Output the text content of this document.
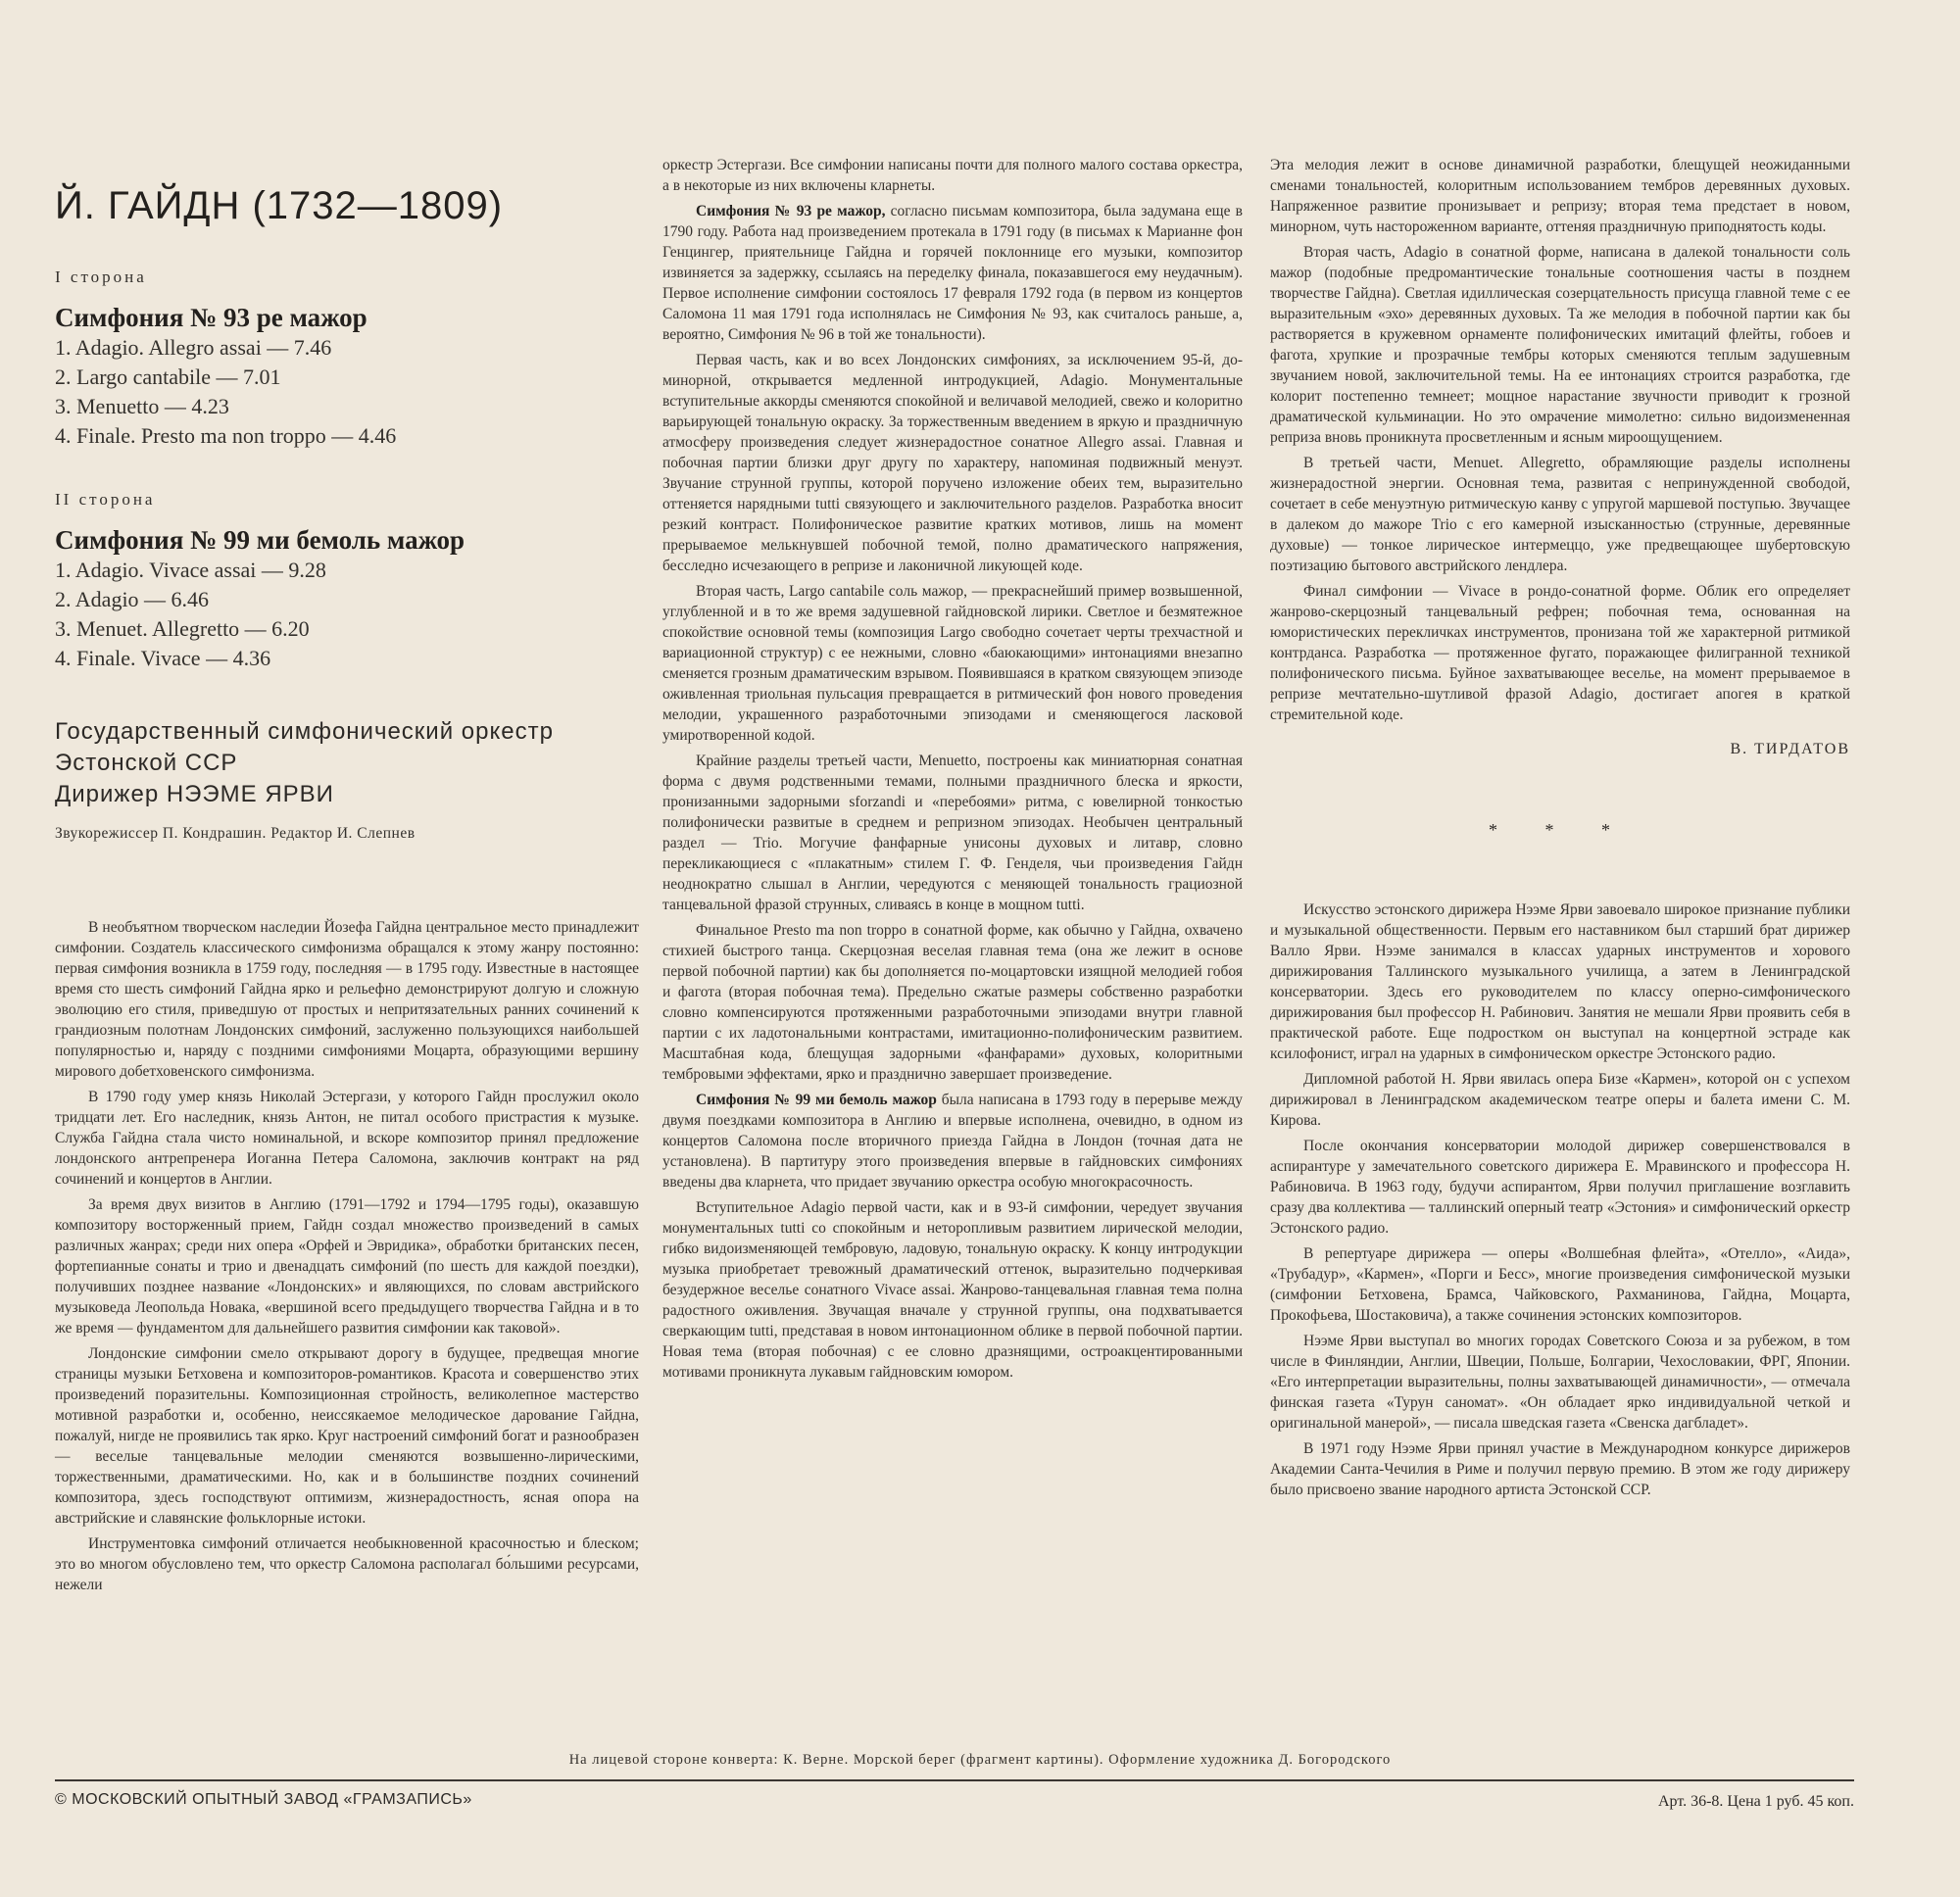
Й. ГАЙДН (1732—1809)
I сторона
Симфония № 93 ре мажор
1. Adagio. Allegro assai — 7.46
2. Largo cantabile — 7.01
3. Menuetto — 4.23
4. Finale. Presto ma non troppo — 4.46
II сторона
Симфония № 99 ми бемоль мажор
1. Adagio. Vivace assai — 9.28
2. Adagio — 6.46
3. Menuet. Allegretto — 6.20
4. Finale. Vivace — 4.36
Государственный симфонический оркестр
Эстонской ССР
Дирижер НЭЭМЕ ЯРВИ
Звукорежиссер П. Кондрашин. Редактор И. Слепнев

В необъятном творческом наследии Йозефа Гайдна центральное место принадлежит симфонии. Создатель классического симфонизма обращался к этому жанру постоянно: первая симфония возникла в 1759 году, последняя — в 1795 году. Известные в настоящее время сто шесть симфоний Гайдна ярко и рельефно демонстрируют долгую и сложную эволюцию его стиля, приведшую от простых и непритязательных ранних сочинений к грандиозным полотнам Лондонских симфоний, заслуженно пользующихся наибольшей популярностью и, наряду с поздними симфониями Моцарта, образующими вершину мирового добетховенского симфонизма.

В 1790 году умер князь Николай Эстергази, у которого Гайдн прослужил около тридцати лет. Его наследник, князь Антон, не питал особого пристрастия к музыке. Служба Гайдна стала чисто номинальной, и вскоре композитор принял предложение лондонского антрепренера Иоганна Петера Саломона, заключив контракт на ряд сочинений и концертов в Англии.

За время двух визитов в Англию (1791—1792 и 1794—1795 годы), оказавшую композитору восторженный прием, Гайдн создал множество произведений в самых различных жанрах; среди них опера «Орфей и Эвридика», обработки британских песен, фортепианные сонаты и трио и двенадцать симфоний (по шесть для каждой поездки), получивших позднее название «Лондонских» и являющихся, по словам австрийского музыковеда Леопольда Новака, «вершиной всего предыдущего творчества Гайдна и в то же время — фундаментом для дальнейшего развития симфонии как таковой».

Лондонские симфонии смело открывают дорогу в будущее, предвещая многие страницы музыки Бетховена и композиторов-романтиков. Красота и совершенство этих произведений поразительны. Композиционная стройность, великолепное мастерство мотивной разработки и, особенно, неиссякаемое мелодическое дарование Гайдна, пожалуй, нигде не проявились так ярко. Круг настроений симфоний богат и разнообразен — веселые танцевальные мелодии сменяются возвышенно-лирическими, торжественными, драматическими. Но, как и в большинстве поздних сочинений композитора, здесь господствуют оптимизм, жизнерадостность, ясная опора на австрийские и славянские фольклорные истоки.

Инструментовка симфоний отличается необыкновенной красочностью и блеском; это во многом обусловлено тем, что оркестр Саломона располагал бо́льшими ресурсами, нежели

оркестр Эстергази. Все симфонии написаны почти для полного малого состава оркестра, а в некоторые из них включены кларнеты.

Симфония № 93 ре мажор, согласно письмам композитора, была задумана еще в 1790 году. Работа над произведением протекала в 1791 году (в письмах к Марианне фон Генцингер, приятельнице Гайдна и горячей поклоннице его музыки, композитор извиняется за задержку, ссылаясь на переделку финала, показавшегося ему неудачным). Первое исполнение симфонии состоялось 17 февраля 1792 года (в первом из концертов Саломона 11 мая 1791 года исполнялась не Симфония № 93, как считалось раньше, а, вероятно, Симфония № 96 в той же тональности).

Первая часть, как и во всех Лондонских симфониях, за исключением 95-й, до-минорной, открывается медленной интродукцией, Adagio. Монументальные вступительные аккорды сменяются спокойной и величавой мелодией, свежо и колоритно варьирующей тональную окраску. За торжественным введением в яркую и праздничную атмосферу произведения следует жизнерадостное сонатное Allegro assai. Главная и побочная партии близки друг другу по характеру, напоминая подвижный менуэт. Звучание струнной группы, которой поручено изложение обеих тем, выразительно оттеняется нарядными tutti связующего и заключительного разделов. Разработка вносит резкий контраст. Полифоническое развитие кратких мотивов, лишь на момент прерываемое мелькнувшей побочной темой, полно драматического напряжения, бесследно исчезающего в репризе и лаконичной ликующей коде.

Вторая часть, Largo cantabile соль мажор, — прекраснейший пример возвышенной, углубленной и в то же время задушевной гайдновской лирики. Светлое и безмятежное спокойствие основной темы (композиция Largo свободно сочетает черты трехчастной и вариационной структур) с ее нежными, словно «баюкающими» интонациями внезапно сменяется грозным драматическим взрывом. Появившаяся в кратком связующем эпизоде оживленная триольная пульсация превращается в ритмический фон нового проведения мелодии, украшенного разработочными эпизодами и сменяющегося ласковой умиротворенной кодой.

Крайние разделы третьей части, Menuetto, построены как миниатюрная сонатная форма с двумя родственными темами, полными праздничного блеска и яркости, пронизанными задорными sforzandi и «перебоями» ритма, с ювелирной тонкостью полифонически развитые в среднем и репризном эпизодах. Необычен центральный раздел — Trio. Могучие фанфарные унисоны духовых и литавр, словно перекликающиеся с «плакатным» стилем Г. Ф. Генделя, чьи произведения Гайдн неоднократно слышал в Англии, чередуются с меняющей тональность грациозной танцевальной фразой струнных, сливаясь в конце в мощном tutti.

Финальное Presto ma non troppo в сонатной форме, как обычно у Гайдна, охвачено стихией быстрого танца. Скерцозная веселая главная тема (она же лежит в основе первой побочной партии) как бы дополняется по-моцартовски изящной мелодией гобоя и фагота (вторая побочная тема). Предельно сжатые размеры собственно разработки словно компенсируются протяженными разработочными эпизодами внутри главной партии с их ладотональными контрастами, имитационно-полифоническим развитием. Масштабная кода, блещущая задорными «фанфарами» духовых, колоритными тембровыми эффектами, ярко и празднично завершает произведение.

Симфония № 99 ми бемоль мажор была написана в 1793 году в перерыве между двумя поездками композитора в Англию и впервые исполнена, очевидно, в одном из концертов Саломона после вторичного приезда Гайдна в Лондон (точная дата не установлена). В партитуру этого произведения впервые в гайдновских симфониях введены два кларнета, что придает звучанию оркестра особую многокрасочность.

Вступительное Adagio первой части, как и в 93-й симфонии, чередует звучания монументальных tutti со спокойным и неторопливым развитием лирической мелодии, гибко видоизменяющей тембровую, ладовую, тональную окраску. К концу интродукции музыка приобретает тревожный драматический оттенок, выразительно подчеркивая безудержное веселье сонатного Vivace assai. Жанрово-танцевальная главная тема полна радостного оживления. Звучащая вначале у струнной группы, она подхватывается сверкающим tutti, представая в новом интонационном облике в первой побочной партии. Новая тема (вторая побочная) с ее словно дразнящими, остроакцентированными мотивами проникнута лукавым гайдновским юмором.

Эта мелодия лежит в основе динамичной разработки, блещущей неожиданными сменами тональностей, колоритным использованием тембров деревянных духовых. Напряженное развитие пронизывает и репризу; вторая тема предстает в новом, минорном, чуть настороженном варианте, оттеняя праздничную приподнятость коды.

Вторая часть, Adagio в сонатной форме, написана в далекой тональности соль мажор (подобные предромантические тональные соотношения часты в позднем творчестве Гайдна). Светлая идиллическая созерцательность присуща главной теме с ее выразительным «эхо» деревянных духовых. Та же мелодия в побочной партии как бы растворяется в кружевном орнаменте полифонических имитаций флейты, гобоев и фагота, хрупкие и прозрачные тембры которых сменяются теплым задушевным звучанием новой, заключительной темы. На ее интонациях строится разработка, где колорит постепенно темнеет; мощное нарастание звучности приводит к грозной драматической кульминации. Но это омрачение мимолетно: сильно видоизмененная реприза вновь проникнута просветленным и ясным мироощущением.

В третьей части, Menuet. Allegretto, обрамляющие разделы исполнены жизнерадостной энергии. Основная тема, развитая с непринужденной свободой, сочетает в себе менуэтную ритмическую канву с упругой маршевой поступью. Звучащее в далеком до мажоре Trio с его камерной изысканностью (струнные, деревянные духовые) — тонкое лирическое интермеццо, уже предвещающее шубертовскую поэтизацию бытового австрийского лендлера.

Финал симфонии — Vivace в рондо-сонатной форме. Облик его определяет жанрово-скерцозный танцевальный рефрен; побочная тема, основанная на юмористических перекличках инструментов, пронизана той же характерной ритмикой контрданса. Разработка — протяженное фугато, поражающее филигранной техникой полифонического письма. Буйное захватывающее веселье, на момент прерываемое в репризе мечтательно-шутливой фразой Adagio, достигает апогея в краткой стремительной коде.

В. ТИРДАТОВ
* * *

Искусство эстонского дирижера Нээме Ярви завоевало широкое признание публики и музыкальной общественности. Первым его наставником был старший брат дирижер Валло Ярви. Нээме занимался в классах ударных инструментов и хорового дирижирования Таллинского музыкального училища, а затем в Ленинградской консерватории. Здесь его руководителем по классу оперно-симфонического дирижирования был профессор Н. Рабинович. Занятия не мешали Ярви проявить себя в практической работе. Еще подростком он выступал на концертной эстраде как ксилофонист, играл на ударных в симфоническом оркестре Эстонского радио.

Дипломной работой Н. Ярви явилась опера Бизе «Кармен», которой он с успехом дирижировал в Ленинградском академическом театре оперы и балета имени С. М. Кирова.

После окончания консерватории молодой дирижер совершенствовался в аспирантуре у замечательного советского дирижера Е. Мравинского и профессора Н. Рабиновича. В 1963 году, будучи аспирантом, Ярви получил приглашение возглавить сразу два коллектива — таллинский оперный театр «Эстония» и симфонический оркестр Эстонского радио.

В репертуаре дирижера — оперы «Волшебная флейта», «Отелло», «Аида», «Трубадур», «Кармен», «Порги и Бесс», многие произведения симфонической музыки (симфонии Бетховена, Брамса, Чайковского, Рахманинова, Гайдна, Моцарта, Прокофьева, Шостаковича), а также сочинения эстонских композиторов.

Нээме Ярви выступал во многих городах Советского Союза и за рубежом, в том числе в Финляндии, Англии, Швеции, Польше, Болгарии, Чехословакии, ФРГ, Японии. «Его интерпретации выразительны, полны захватывающей динамичности», — отмечала финская газета «Турун саномат». «Он обладает ярко индивидуальной четкой и оригинальной манерой», — писала шведская газета «Свенска дагбладет».

В 1971 году Нээме Ярви принял участие в Международном конкурсе дирижеров Академии Санта-Чечилия в Риме и получил первую премию. В этом же году дирижеру было присвоено звание народного артиста Эстонской ССР.

На лицевой стороне конверта: К. Верне. Морской берег (фрагмент картины). Оформление художника Д. Богородского
© МОСКОВСКИЙ ОПЫТНЫЙ ЗАВОД «ГРАМЗАПИСЬ»	Арт. 36-8. Цена 1 руб. 45 коп.
